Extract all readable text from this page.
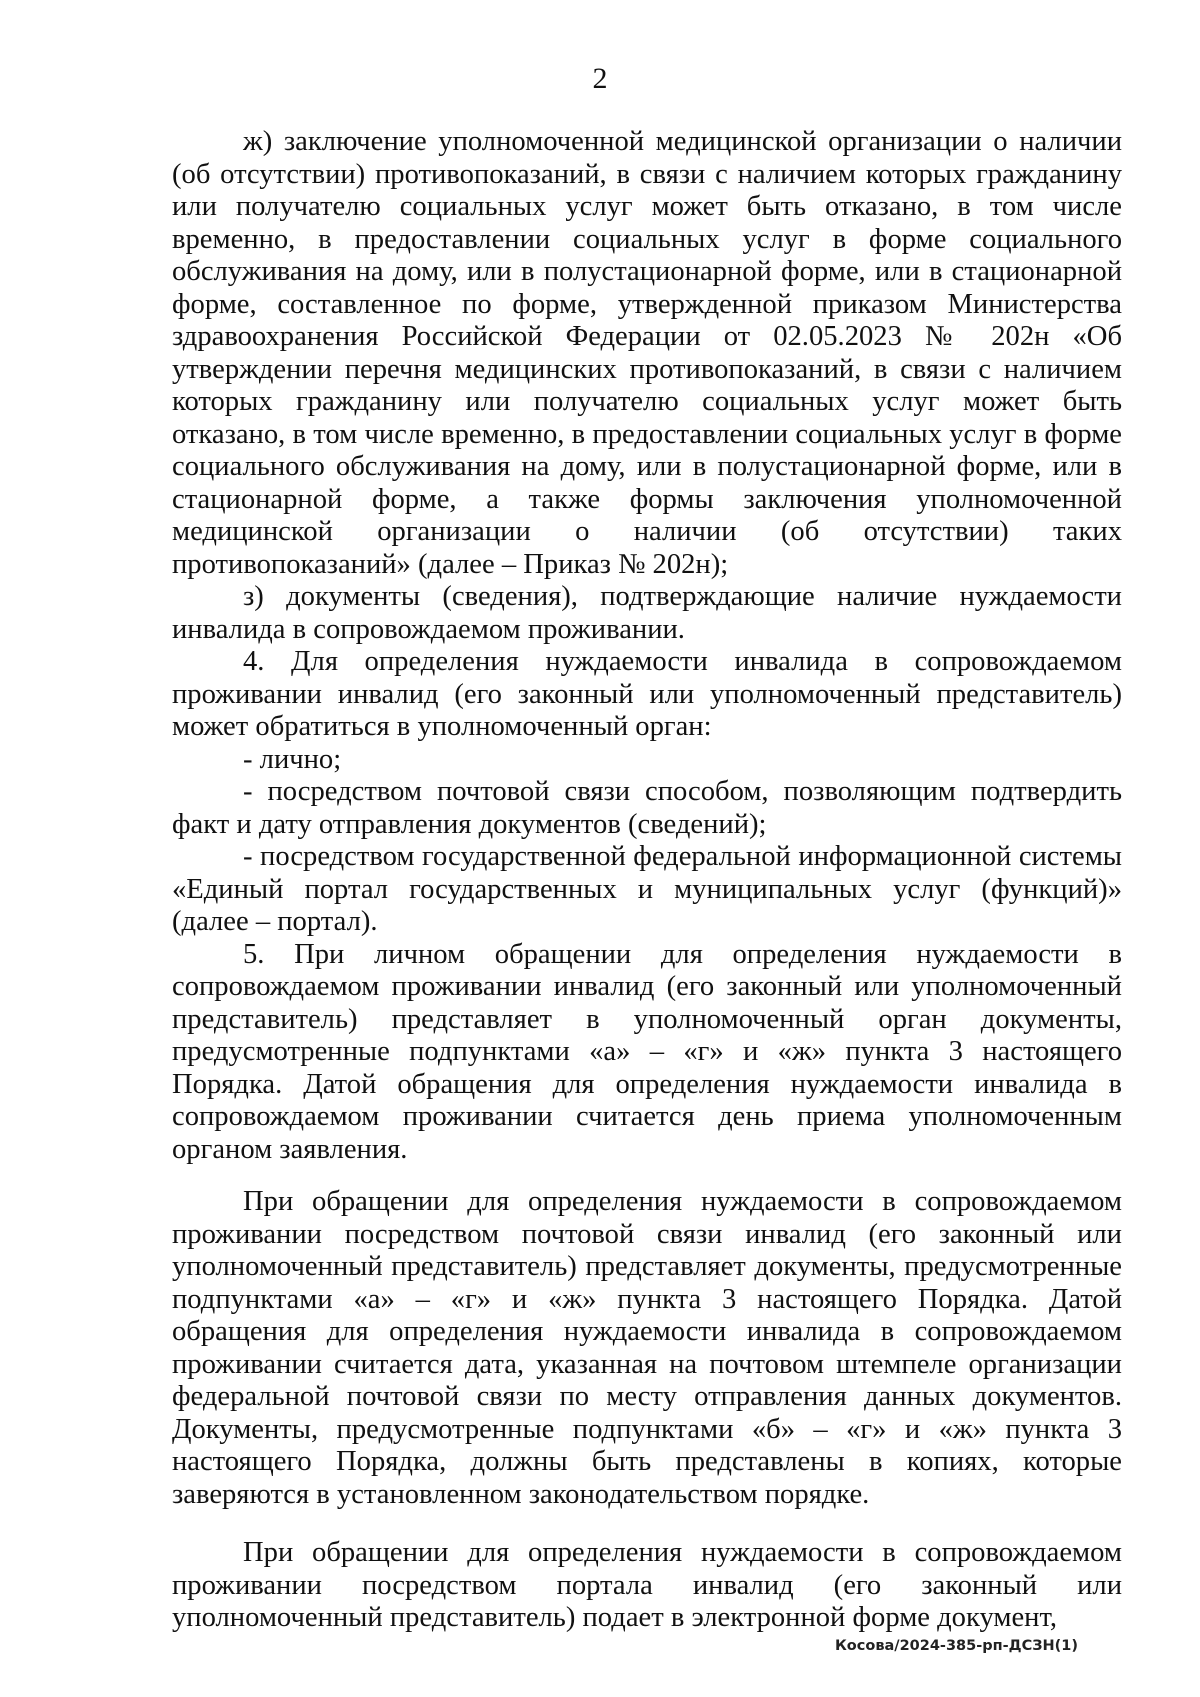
2

ж) заключение уполномоченной медицинской организации о наличии (об отсутствии) противопоказаний, в связи с наличием которых гражданину или получателю социальных услуг может быть отказано, в том числе временно, в предоставлении социальных услуг в форме социального обслуживания на дому, или в полустационарной форме, или в стационарной форме, составленное по форме, утвержденной приказом Министерства здравоохранения Российской Федерации от 02.05.2023 № 202н «Об утверждении перечня медицинских противопоказаний, в связи с наличием которых гражданину или получателю социальных услуг может быть отказано, в том числе временно, в предоставлении социальных услуг в форме социального обслуживания на дому, или в полустационарной форме, или в стационарной форме, а также формы заключения уполномоченной медицинской организации о наличии (об отсутствии) таких противопоказаний» (далее – Приказ № 202н);

з) документы (сведения), подтверждающие наличие нуждаемости инвалида в сопровождаемом проживании.

4. Для определения нуждаемости инвалида в сопровождаемом проживании инвалид (его законный или уполномоченный представитель) может обратиться в уполномоченный орган:

- лично;

- посредством почтовой связи способом, позволяющим подтвердить факт и дату отправления документов (сведений);

- посредством государственной федеральной информационной системы «Единый портал государственных и муниципальных услуг (функций)» (далее – портал).

5. При личном обращении для определения нуждаемости в сопровождаемом проживании инвалид (его законный или уполномоченный представитель) представляет в уполномоченный орган документы, предусмотренные подпунктами «а» – «г» и «ж» пункта 3 настоящего Порядка. Датой обращения для определения нуждаемости инвалида в сопровождаемом проживании считается день приема уполномоченным органом заявления.

При обращении для определения нуждаемости в сопровождаемом проживании посредством почтовой связи инвалид (его законный или уполномоченный представитель) представляет документы, предусмотренные подпунктами «а» – «г» и «ж» пункта 3 настоящего Порядка. Датой обращения для определения нуждаемости инвалида в сопровождаемом проживании считается дата, указанная на почтовом штемпеле организации федеральной почтовой связи по месту отправления данных документов. Документы, предусмотренные подпунктами «б» – «г» и «ж» пункта 3 настоящего Порядка, должны быть представлены в копиях, которые заверяются в установленном законодательством порядке.

При обращении для определения нуждаемости в сопровождаемом проживании посредством портала инвалид (его законный или уполномоченный представитель) подает в электронной форме документ,

Косова/2024-385-рп-ДСЗН(1)
